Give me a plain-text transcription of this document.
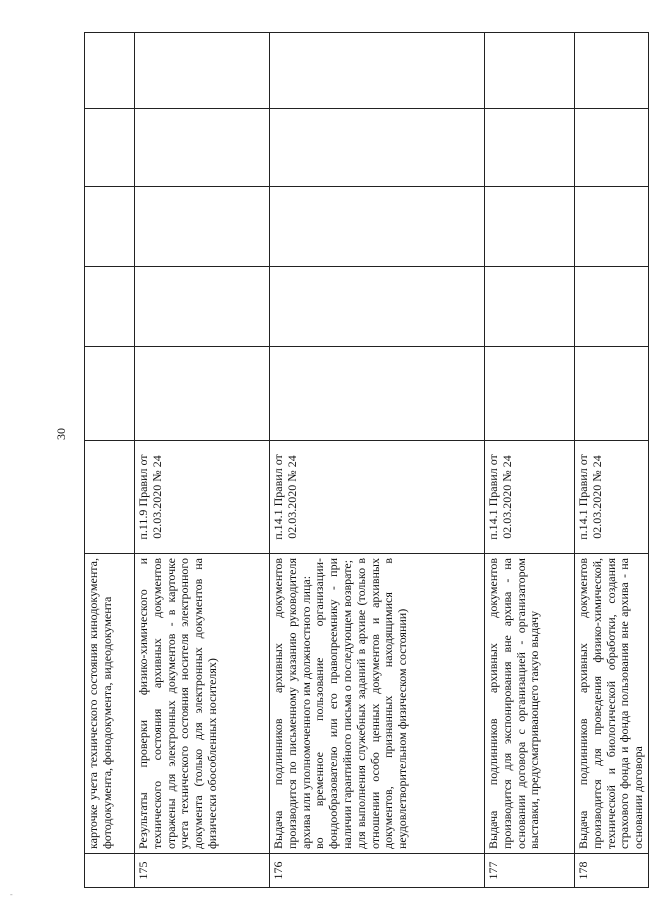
30

	карточке учета технического состояния кинодокумента, фотодокумента, фонодокумента, видеодокумента						

175	Результаты проверки физико-химического и технического состояния архивных документов отражены для электронных документов - в карточке учета технического состояния носителя электронного документа (только для электронных документов на физически обособленных носителях)	п.11.9 Правил от 02.03.2020 № 24					
176	Выдача подлинников архивных документов производится по письменному указанию руководителя архива или уполномоченного им должностного лица: во временное пользование организации-фондообразователю или его правопреемнику - при наличии гарантийного письма о последующем возврате; для выполнения служебных заданий в архиве (только в отношении особо ценных документов и архивных документов, признанных находящимися в неудовлетворительном физическом состоянии)	п.14.1 Правил от 02.03.2020 № 24					
177	Выдача подлинников архивных документов производится для экспонирования вне архива - на основании договора с организацией - организатором выставки, предусматривающего такую выдачу	п.14.1 Правил от 02.03.2020 № 24					
178	Выдача подлинников архивных документов производится для проведения физико-химической, технической и биологической обработки, создания страхового фонда и фонда пользования вне архива - на основании договора	п.14.1 Правил от 02.03.2020 № 24					
-
